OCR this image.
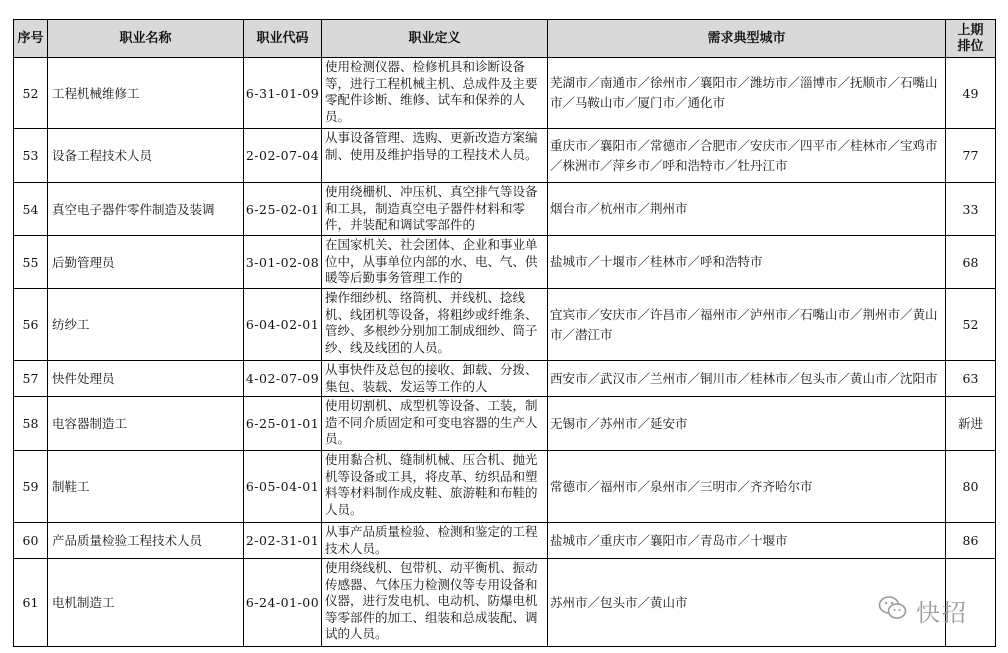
序号	职业名称	职业代码	职业定义	需求典型城市	上期
排位

52	工程机械维修工	6-31-01-09	使用检测仪器、检修机具和诊断设备等，进行工程机械主机、总成件及主要零配件诊断、维修、试车和保养的人员。	芜湖市／南通市／徐州市／襄阳市／潍坊市／淄博市／抚顺市／石嘴山市／马鞍山市／厦门市／通化市	49
53	设备工程技术人员	2-02-07-04	从事设备管理、选购、更新改造方案编制、使用及维护指导的工程技术人员。	重庆市／襄阳市／常德市／合肥市／安庆市／四平市／桂林市／宝鸡市／株洲市／萍乡市／呼和浩特市／牡丹江市	77
54	真空电子器件零件制造及装调	6-25-02-01	使用绕栅机、冲压机、真空排气等设备和工具，制造真空电子器件材料和零件，并装配和调试零部件的	烟台市／杭州市／荆州市	33
55	后勤管理员	3-01-02-08	在国家机关、社会团体、企业和事业单位中，从事单位内部的水、电、气、供暖等后勤事务管理工作的	盐城市／十堰市／桂林市／呼和浩特市	68
56	纺纱工	6-04-02-01	操作细纱机、络筒机、并线机、捻线机、线团机等设备，将粗纱或纤维条、管纱、多根纱分别加工制成细纱、筒子纱、线及线团的人员。	宜宾市／安庆市／许昌市／福州市／泸州市／石嘴山市／荆州市／黄山市／潜江市	52
57	快件处理员	4-02-07-09	从事快件及总包的接收、卸载、分拨、集包、装载、发运等工作的人	西安市／武汉市／兰州市／铜川市／桂林市／包头市／黄山市／沈阳市	63
58	电容器制造工	6-25-01-01	使用切割机、成型机等设备、工装，制造不同介质固定和可变电容器的生产人员。	无锡市／苏州市／延安市	新进
59	制鞋工	6-05-04-01	使用黏合机、缝制机械、压合机、抛光机等设备或工具，将皮革、纺织品和塑料等材料制作成皮鞋、旅游鞋和布鞋的人员。	常德市／福州市／泉州市／三明市／齐齐哈尔市	80
60	产品质量检验工程技术人员	2-02-31-01	从事产品质量检验、检测和鉴定的工程技术人员。	盐城市／重庆市／襄阳市／青岛市／十堰市	86
61	电机制造工	6-24-01-00	使用绕线机、包带机、动平衡机、振动传感器、气体压力检测仪等专用设备和仪器，进行发电机、电动机、防爆电机等零部件的加工、组装和总成装配、调试的人员。	苏州市／包头市／黄山市		快招
